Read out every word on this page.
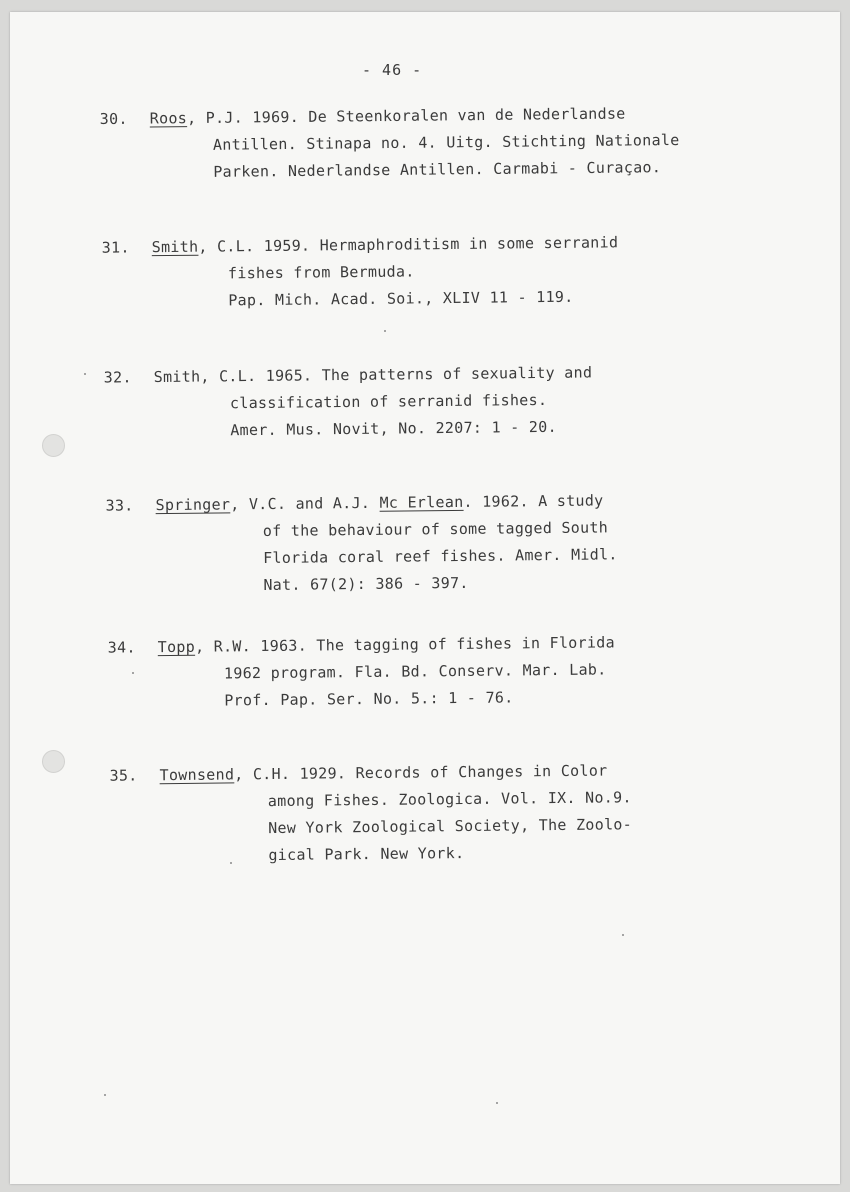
- 46 -
30. Roos, P.J. 1969. De Steenkoralen van de Nederlandse
Antillen. Stinapa no. 4. Uitg. Stichting Nationale
Parken. Nederlandse Antillen. Carmabi - Curaçao.
31. Smith, C.L. 1959. Hermaphroditism in some serranid
fishes from Bermuda.
Pap. Mich. Acad. Soi., XLIV 11 - 119.
32. Smith, C.L. 1965. The patterns of sexuality and
classification of serranid fishes.
Amer. Mus. Novit, No. 2207: 1 - 20.
33. Springer, V.C. and A.J. Mc Erlean. 1962. A study
of the behaviour of some tagged South
Florida coral reef fishes. Amer. Midl.
Nat. 67(2): 386 - 397.
34. Topp, R.W. 1963. The tagging of fishes in Florida
1962 program. Fla. Bd. Conserv. Mar. Lab.
Prof. Pap. Ser. No. 5.: 1 - 76.
35. Townsend, C.H. 1929. Records of Changes in Color
among Fishes. Zoologica. Vol. IX. No.9.
New York Zoological Society, The Zoolo-
gical Park. New York.
